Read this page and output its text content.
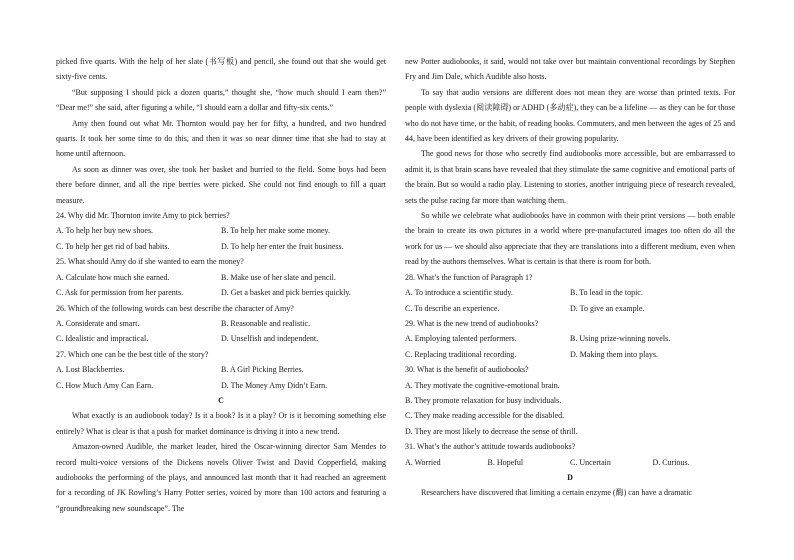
picked five quarts. With the help of her slate (书写板) and pencil, she found out that she would get sixty-five cents.

“But supposing I should pick a dozen quarts,” thought she, “how much should I earn then?” “Dear me!” she said, after figuring a while, “I should earn a dollar and fifty-six cents.”

Amy then found out what Mr. Thornton would pay her for fifty, a hundred, and two hundred quarts. It took her some time to do this, and then it was so near dinner time that she had to stay at home until afternoon.

As soon as dinner was over, she took her basket and hurried to the field. Some boys had been there before dinner, and all the ripe berries were picked. She could not find enough to fill a quart measure.

24. Why did Mr. Thornton invite Amy to pick berries?

A. To help her buy new shoes.	B. To help her make some money.
C. To help her get rid of bad habits.	D. To help her enter the fruit business.

25. What should Amy do if she wanted to earn the money?

A. Calculate how much she earned.	B. Make use of her slate and pencil.
C. Ask for permission from her parents.	D. Get a basket and pick berries quickly.

26. Which of the following words can best describe the character of Amy?

A. Considerate and smart.	B. Reasonable and realistic.
C. Idealistic and impractical.	D. Unselfish and independent.

27. Which one can be the best title of the story?

A. Lost Blackberries.	B. A Girl Picking Berries.
C. How Much Amy Can Earn.	D. The Money Amy Didn’t Earn.

C

What exactly is an audiobook today? Is it a book? Is it a play? Or is it becoming something else entirely? What is clear is that a push for market dominance is driving it into a new trend.

Amazon-owned Audible, the market leader, hired the Oscar-winning director Sam Mendes to record multi-voice versions of the Dickens novels Oliver Twist and David Copperfield, making audiobooks the performing of the plays, and announced last month that it had reached an agreement for a recording of JK Rowling’s Harry Potter series, voiced by more than 100 actors and featuring a “groundbreaking new soundscape”. The

new Potter audiobooks, it said, would not take over but maintain conventional recordings by Stephen Fry and Jim Dale, which Audible also hosts.

To say that audio versions are different does not mean they are worse than printed texts. For people with dyslexia (阅读障碍) or ADHD (多动症), they can be a lifeline — as they can be for those who do not have time, or the habit, of reading books. Commuters, and men between the ages of 25 and 44, have been identified as key drivers of their growing popularity.

The good news for those who secretly find audiobooks more accessible, but are embarrassed to admit it, is that brain scans have revealed that they stimulate the same cognitive and emotional parts of the brain. But so would a radio play. Listening to stories, another intriguing piece of research revealed, sets the pulse racing far more than watching them.

So while we celebrate what audiobooks have in common with their print versions — both enable the brain to create its own pictures in a world where pre-manufactured images too often do all the work for us — we should also appreciate that they are translations into a different medium, even when read by the authors themselves. What is certain is that there is room for both.

28. What’s the function of Paragraph 1?

A. To introduce a scientific study.	B. To lead in the topic.
C. To describe an experience.	D. To give an example.

29. What is the new trend of audiobooks?

A. Employing talented performers.	B. Using prize-winning novels.
C. Replacing traditional recording.	D. Making them into plays.

30. What is the benefit of audiobooks?

A. They motivate the cognitive-emotional brain.

B. They promote relaxation for busy individuals.

C. They make reading accessible for the disabled.

D. They are most likely to decrease the sense of thrill.

31. What’s the author’s attitude towards audiobooks?

A. Worried	B. Hopeful	C. Uncertain	D. Curious.

D

Researchers have discovered that limiting a certain enzyme (酶) can have a dramatic
